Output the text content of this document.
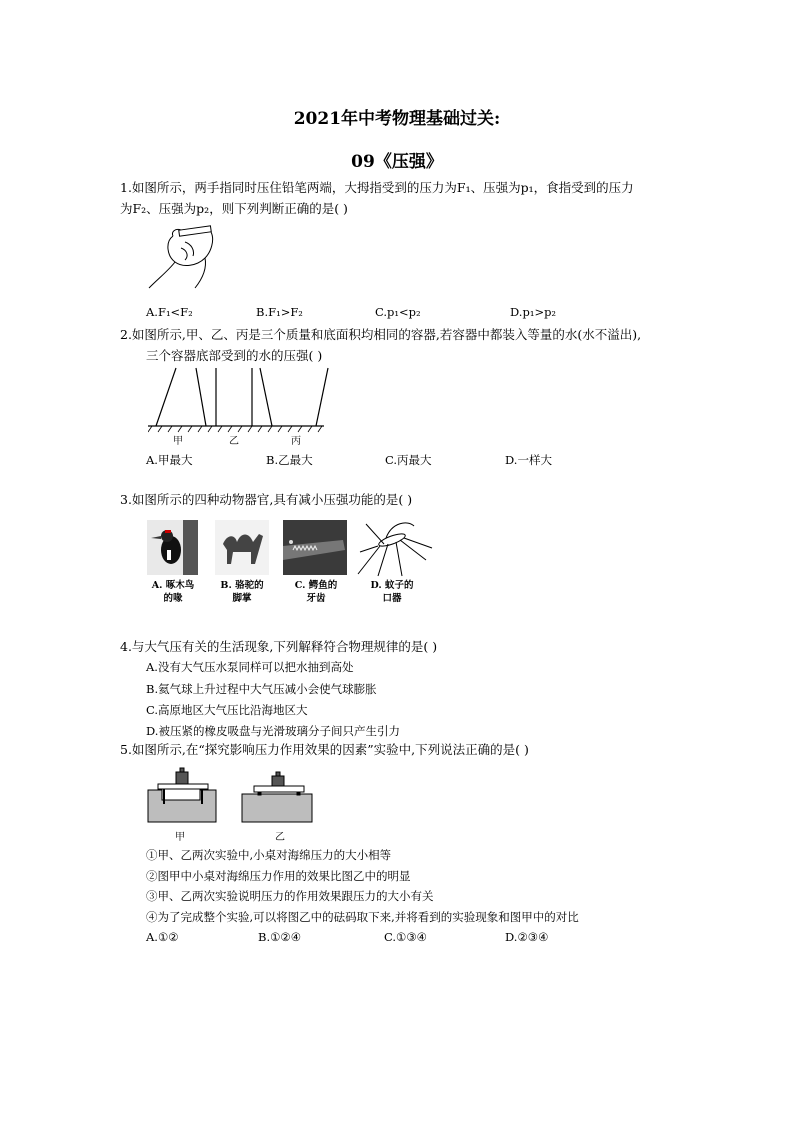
2021年中考物理基础过关:
09《压强》
1.如图所示，两手指同时压住铅笔两端，大拇指受到的压力为F₁、压强为p₁，食指受到的压力
为F₂、压强为p₂，则下列判断正确的是( )
A.F₁<F₂	B.F₁>F₂	C.p₁<p₂	D.p₁>p₂
2.如图所示,甲、乙、丙是三个质量和底面积均相同的容器,若容器中都装入等量的水(水不溢出),
三个容器底部受到的水的压强( )
甲	乙	丙
A.甲最大	B.乙最大	C.丙最大	D.一样大
3.如图所示的四种动物器官,具有减小压强功能的是( )
A. 啄木鸟
的喙
B. 骆驼的
脚掌
C. 鳄鱼的
牙齿
D. 蚊子的
口器
4.与大气压有关的生活现象,下列解释符合物理规律的是( )
A.没有大气压水泵同样可以把水抽到高处
B.氦气球上升过程中大气压减小会使气球膨胀
C.高原地区大气压比沿海地区大
D.被压紧的橡皮吸盘与光滑玻璃分子间只产生引力
5.如图所示,在“探究影响压力作用效果的因素”实验中,下列说法正确的是( )
甲	乙
①甲、乙两次实验中,小桌对海绵压力的大小相等
②图甲中小桌对海绵压力作用的效果比图乙中的明显
③甲、乙两次实验说明压力的作用效果跟压力的大小有关
④为了完成整个实验,可以将图乙中的砝码取下来,并将看到的实验现象和图甲中的对比
A.①②	B.①②④	C.①③④	D.②③④
